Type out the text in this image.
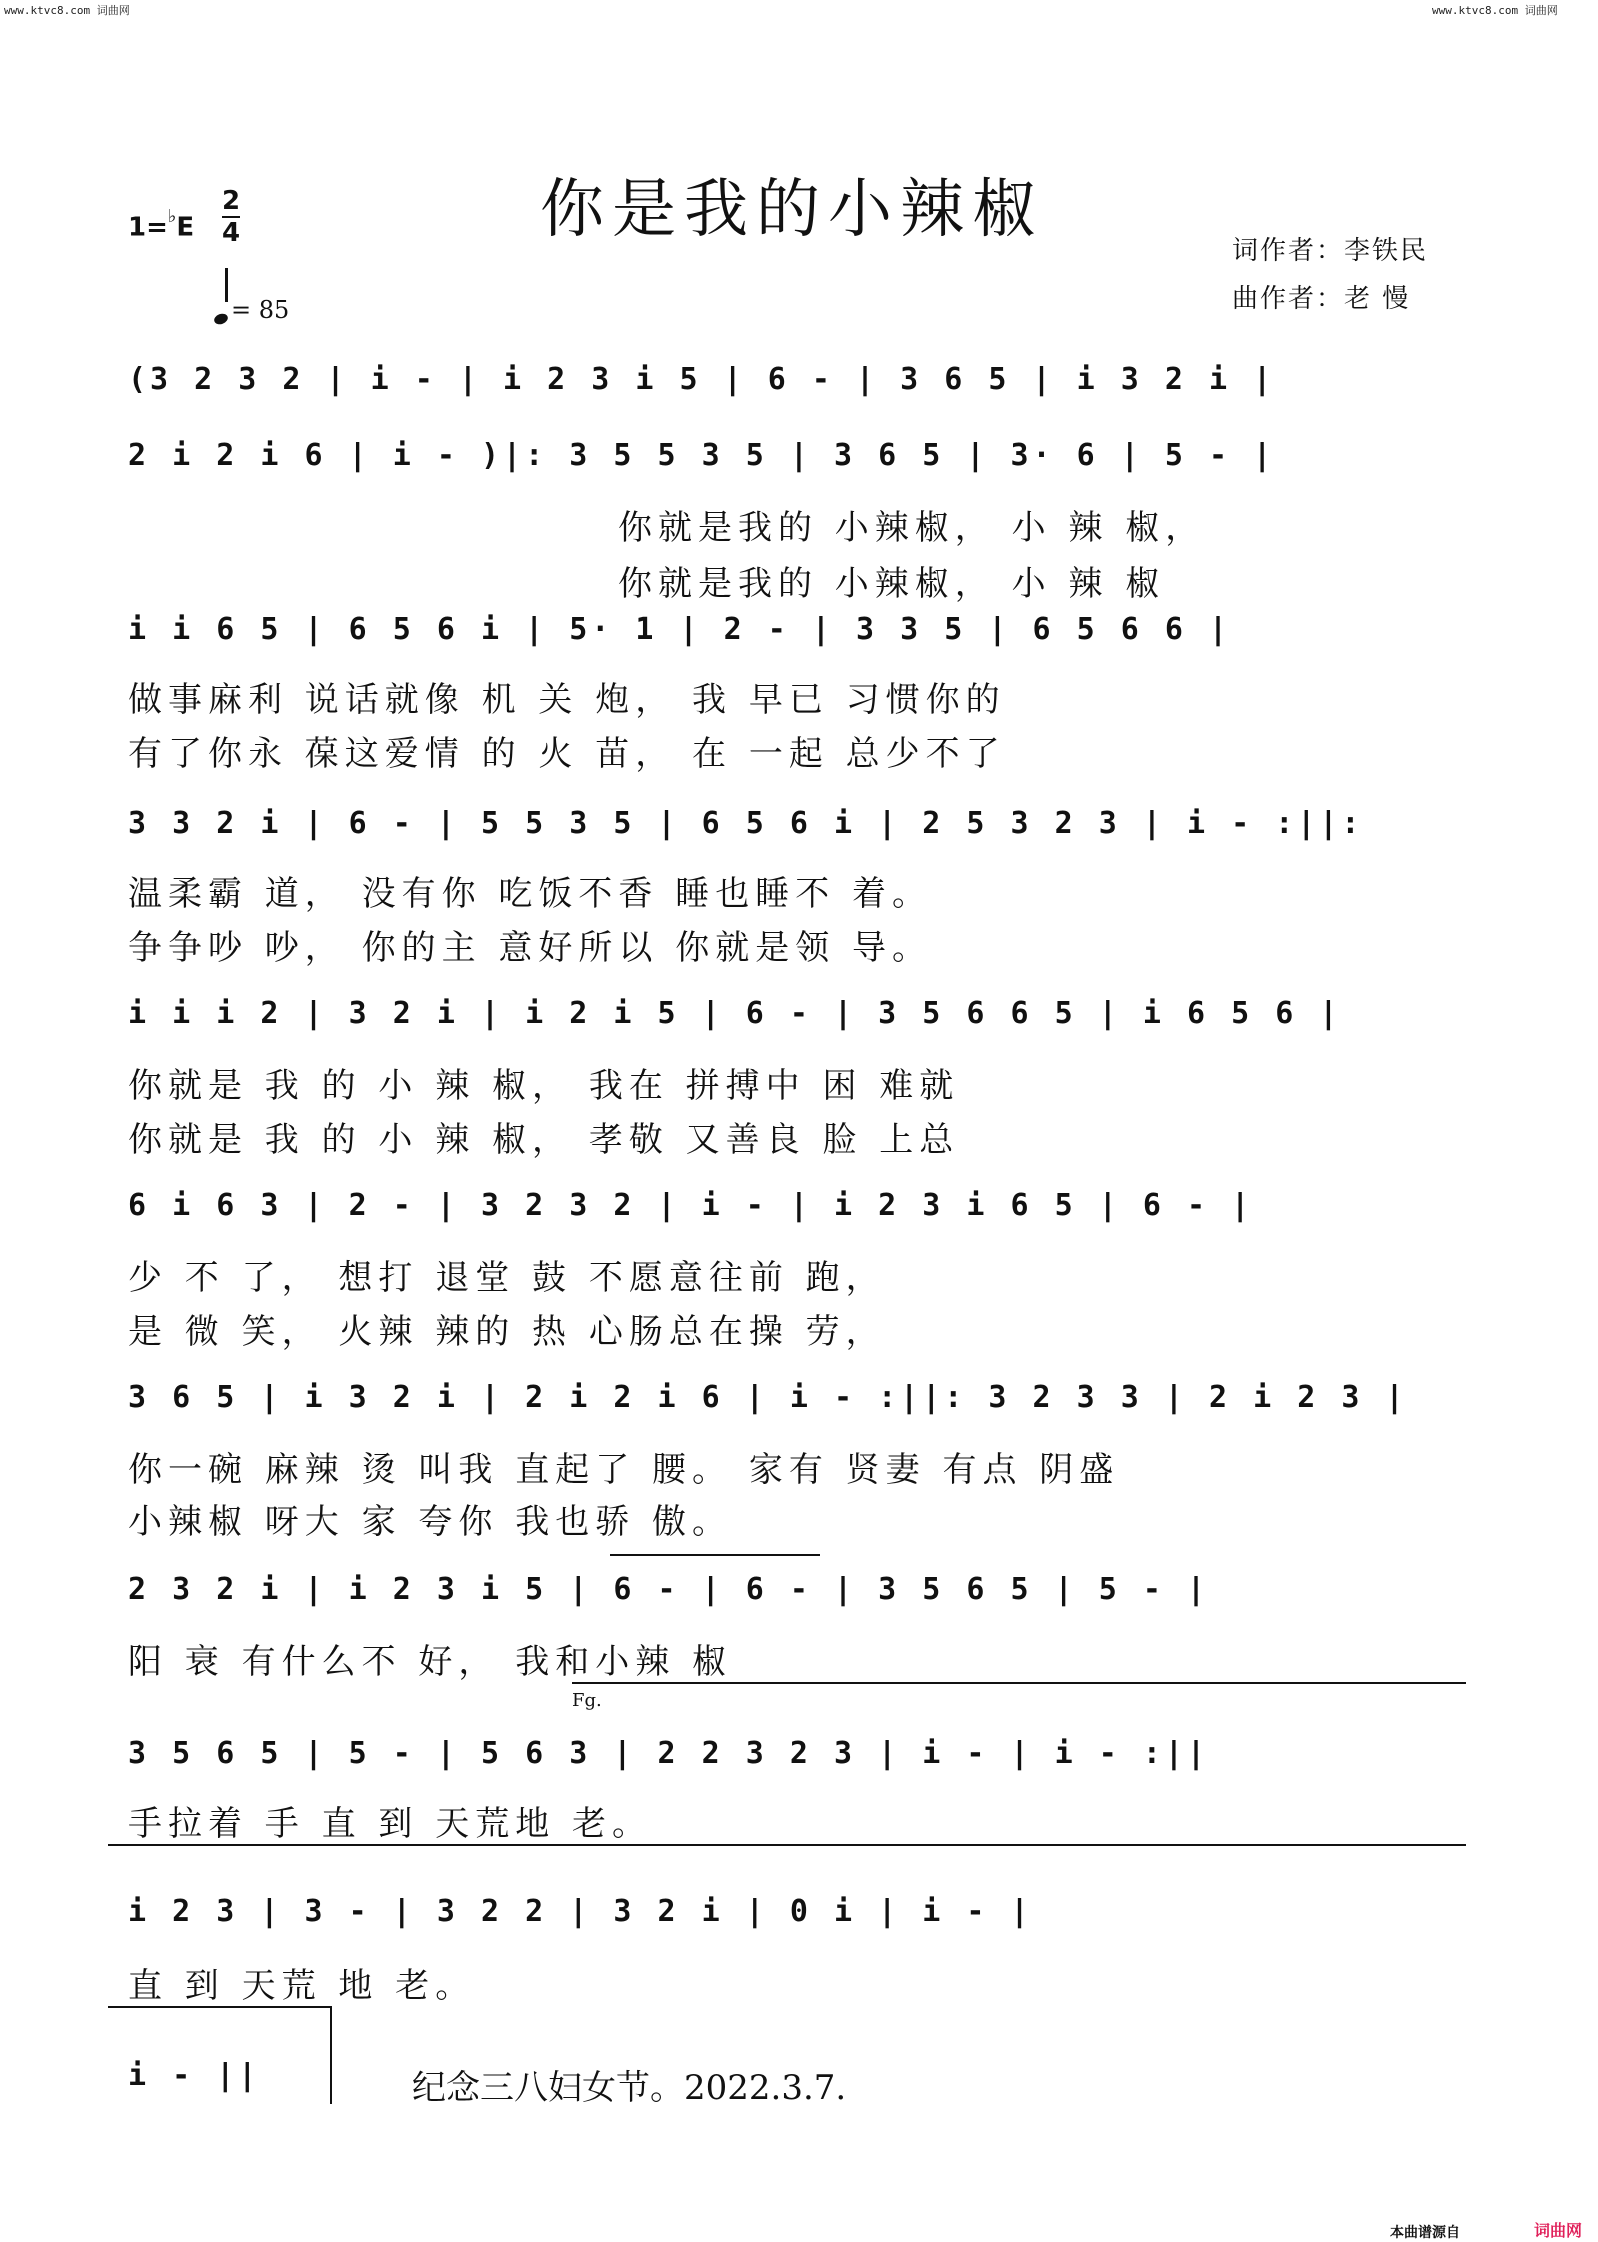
www.ktvc8.com 词曲网	www.ktvc8.com 词曲网
你是我的小辣椒
1=♭E
2
4
= 85
词作者：李铁民
曲作者：老 慢
(3 2 3 2 | i - | i 2 3 i 5 | 6 - | 3 6 5 | i 3 2 i |
2 i 2 i 6 | i - )|: 3 5 5 3 5 | 3 6 5 | 3· 6 | 5 - |
你就是我的 小辣椒， 小 辣 椒，
你就是我的 小辣椒， 小 辣 椒
i i 6 5 | 6 5 6 i | 5· 1 | 2 - | 3 3 5 | 6 5 6 6 |
做事麻利 说话就像 机 关 炮， 我 早已 习惯你的
有了你永 葆这爱情 的 火 苗， 在 一起 总少不了
3 3 2 i | 6 - | 5 5 3 5 | 6 5 6 i | 2 5 3 2 3 | i - :||:
温柔霸 道， 没有你 吃饭不香 睡也睡不 着。
争争吵 吵， 你的主 意好所以 你就是领 导。
i i i 2 | 3 2 i | i 2 i 5 | 6 - | 3 5 6 6 5 | i 6 5 6 |
你就是 我 的 小 辣 椒， 我在 拼搏中 困 难就
你就是 我 的 小 辣 椒， 孝敬 又善良 脸 上总
6 i 6 3 | 2 - | 3 2 3 2 | i - | i 2 3 i 6 5 | 6 - |
少 不 了， 想打 退堂 鼓 不愿意往前 跑，
是 微 笑， 火辣 辣的 热 心肠总在操 劳，
3 6 5 | i 3 2 i | 2 i 2 i 6 | i - :||: 3 2 3 3 | 2 i 2 3 |
你一碗 麻辣 烫 叫我 直起了 腰。 家有 贤妻 有点 阴盛
小辣椒 呀大 家 夸你 我也骄 傲。
2 3 2 i | i 2 3 i 5 | 6 - | 6 - | 3 5 6 5 | 5 - |
阳 衰 有什么不 好， 我和小辣 椒
Fg.
3 5 6 5 | 5 - | 5 6 3 | 2 2 3 2 3 | i - | i - :||
手拉着 手 直 到 天荒地 老。
i 2 3 | 3 - | 3 2 2 | 3 2 i | 0 i | i - |
直 到 天荒 地 老。
i - ||	纪念三八妇女节。2022.3.7.
本曲谱源自	词曲网
